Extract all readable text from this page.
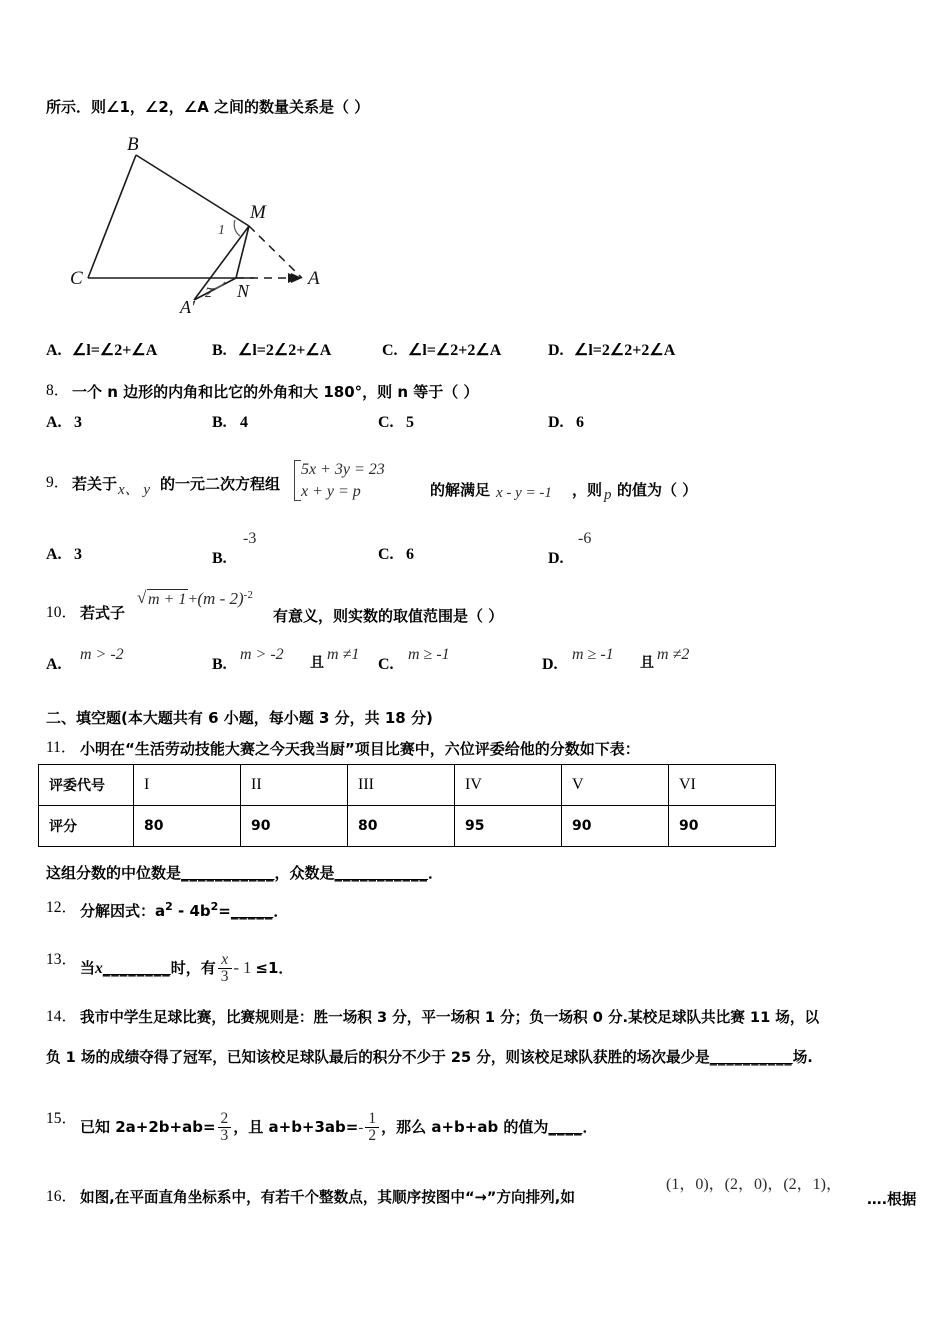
所示．则∠1，∠2，∠A 之间的数量关系是（ ）
B
C
M
N
A
A'
1
2
A. ∠l=∠2+∠A	B. ∠l=2∠2+∠A	C. ∠l=∠2+2∠A	D. ∠l=2∠2+2∠A
8． 一个 n 边形的内角和比它的外角和大 180°，则 n 等于（ ）
A. 3	B. 4	C. 5	D. 6
9． 若关于 x、 y 的一元二次方程组
5x + 3y = 23
x + y = p	的解满足 x - y = -1 ，则 p 的值为（ ）
A. 3	B.
-3
C. 6	D.
-6
10． 若式子
√ m + 1 +(m - 2)$^{-2}$
有意义，则实数的取值范围是（ ）
A.
m > -2
B.
m > -2 且 m ≠1
C.
m ≥ -1
D.
m ≥ -1 且 m ≠2
二、填空题(本大题共有 6 小题，每小题 3 分，共 18 分)
11． 小明在“生活劳动技能大赛之今天我当厨”项目比赛中，六位评委给他的分数如下表：
评委代号	I	II	III	IV	V	VI
评分	80	90	80	95	90	90
这组分数的中位数是___________，众数是___________．
12． 分解因式：$a^2$ - $4b^2=\_\_\_\_\_$．
13． 当x________时，有 $\frac{x}{3} - 1 \le 1$．
14． 我市中学生足球比赛，比赛规则是：胜一场积 3 分，平一场积 1 分；负一场积 0 分.某校足球队共比赛 11 场，以
负 1 场的成绩夺得了冠军，已知该校足球队最后的积分不少于 25 分，则该校足球队获胜的场次最少是__________场.
15． 已知 $2a+2b+ab= \frac{2}{3}$ ，且 $a+b+3ab=- \frac{1}{2}$ ，那么 a+b+ab 的值为____．
16． 如图,在平面直角坐标系中，有若千个整数点，其顺序按图中“→”方向排列,如
(1，0)，(2，0)，(2，1)，
….根据
